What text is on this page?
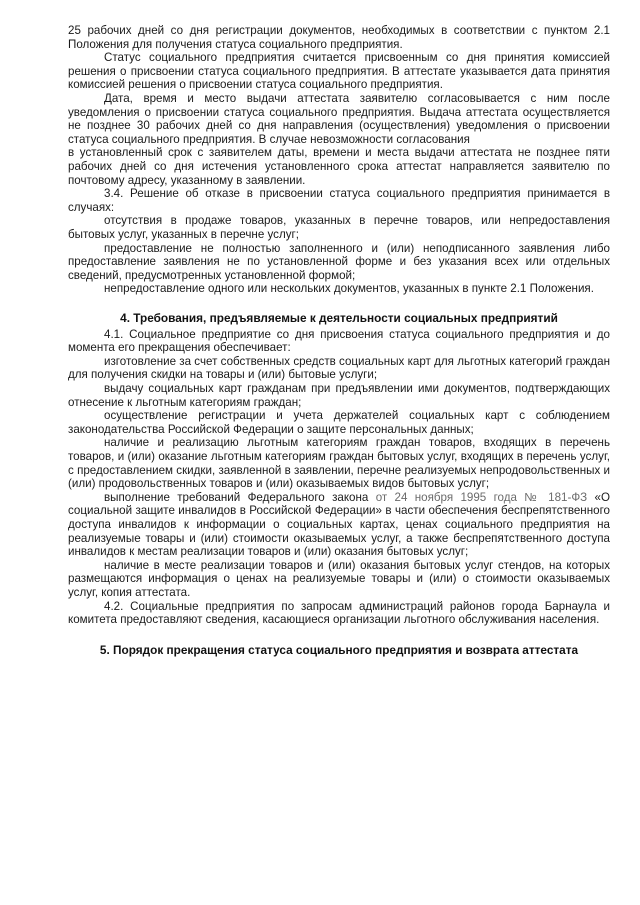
25 рабочих дней со дня регистрации документов, необходимых в соответствии с пунктом 2.1 Положения для получения статуса социального предприятия.

Статус социального предприятия считается присвоенным со дня принятия комиссией решения о присвоении статуса социального предприятия. В аттестате указывается дата принятия комиссией решения о присвоении статуса социального предприятия.

Дата, время и место выдачи аттестата заявителю согласовывается с ним после уведомления о присвоении статуса социального предприятия. Выдача аттестата осуществляется не позднее 30 рабочих дней со дня направления (осуществления) уведомления о присвоении статуса социального предприятия. В случае невозможности согласования

в установленный срок с заявителем даты, времени и места выдачи аттестата не позднее пяти рабочих дней со дня истечения установленного срока аттестат направляется заявителю по почтовому адресу, указанному в заявлении.

3.4. Решение об отказе в присвоении статуса социального предприятия принимается в случаях:

отсутствия в продаже товаров, указанных в перечне товаров, или непредоставления бытовых услуг, указанных в перечне услуг;

предоставление не полностью заполненного и (или) неподписанного заявления либо предоставление заявления не по установленной форме и без указания всех или отдельных сведений, предусмотренных установленной формой;

непредоставление одного или нескольких документов, указанных в пункте 2.1 Положения.

4. Требования, предъявляемые к деятельности социальных предприятий

4.1. Социальное предприятие со дня присвоения статуса социального предприятия и до момента его прекращения обеспечивает:

изготовление за счет собственных средств социальных карт для льготных категорий граждан для получения скидки на товары и (или) бытовые услуги;

выдачу социальных карт гражданам при предъявлении ими документов, подтверждающих отнесение к льготным категориям граждан;

осуществление регистрации и учета держателей социальных карт с соблюдением законодательства Российской Федерации о защите персональных данных;

наличие и реализацию льготным категориям граждан товаров, входящих в перечень товаров, и (или) оказание льготным категориям граждан бытовых услуг, входящих в перечень услуг, с предоставлением скидки, заявленной в заявлении, перечне реализуемых непродовольственных и (или) продовольственных товаров и (или) оказываемых видов бытовых услуг;

выполнение требований Федерального закона от 24 ноября 1995 года № 181-ФЗ «О социальной защите инвалидов в Российской Федерации» в части обеспечения беспрепятственного доступа инвалидов к информации о социальных картах, ценах социального предприятия на реализуемые товары и (или) стоимости оказываемых услуг, а также беспрепятственного доступа инвалидов к местам реализации товаров и (или) оказания бытовых услуг;

наличие в месте реализации товаров и (или) оказания бытовых услуг стендов, на которых размещаются информация о ценах на реализуемые товары и (или) о стоимости оказываемых услуг, копия аттестата.

4.2. Социальные предприятия по запросам администраций районов города Барнаула и комитета предоставляют сведения, касающиеся организации льготного обслуживания населения.

5. Порядок прекращения статуса социального предприятия и возврата аттестата
